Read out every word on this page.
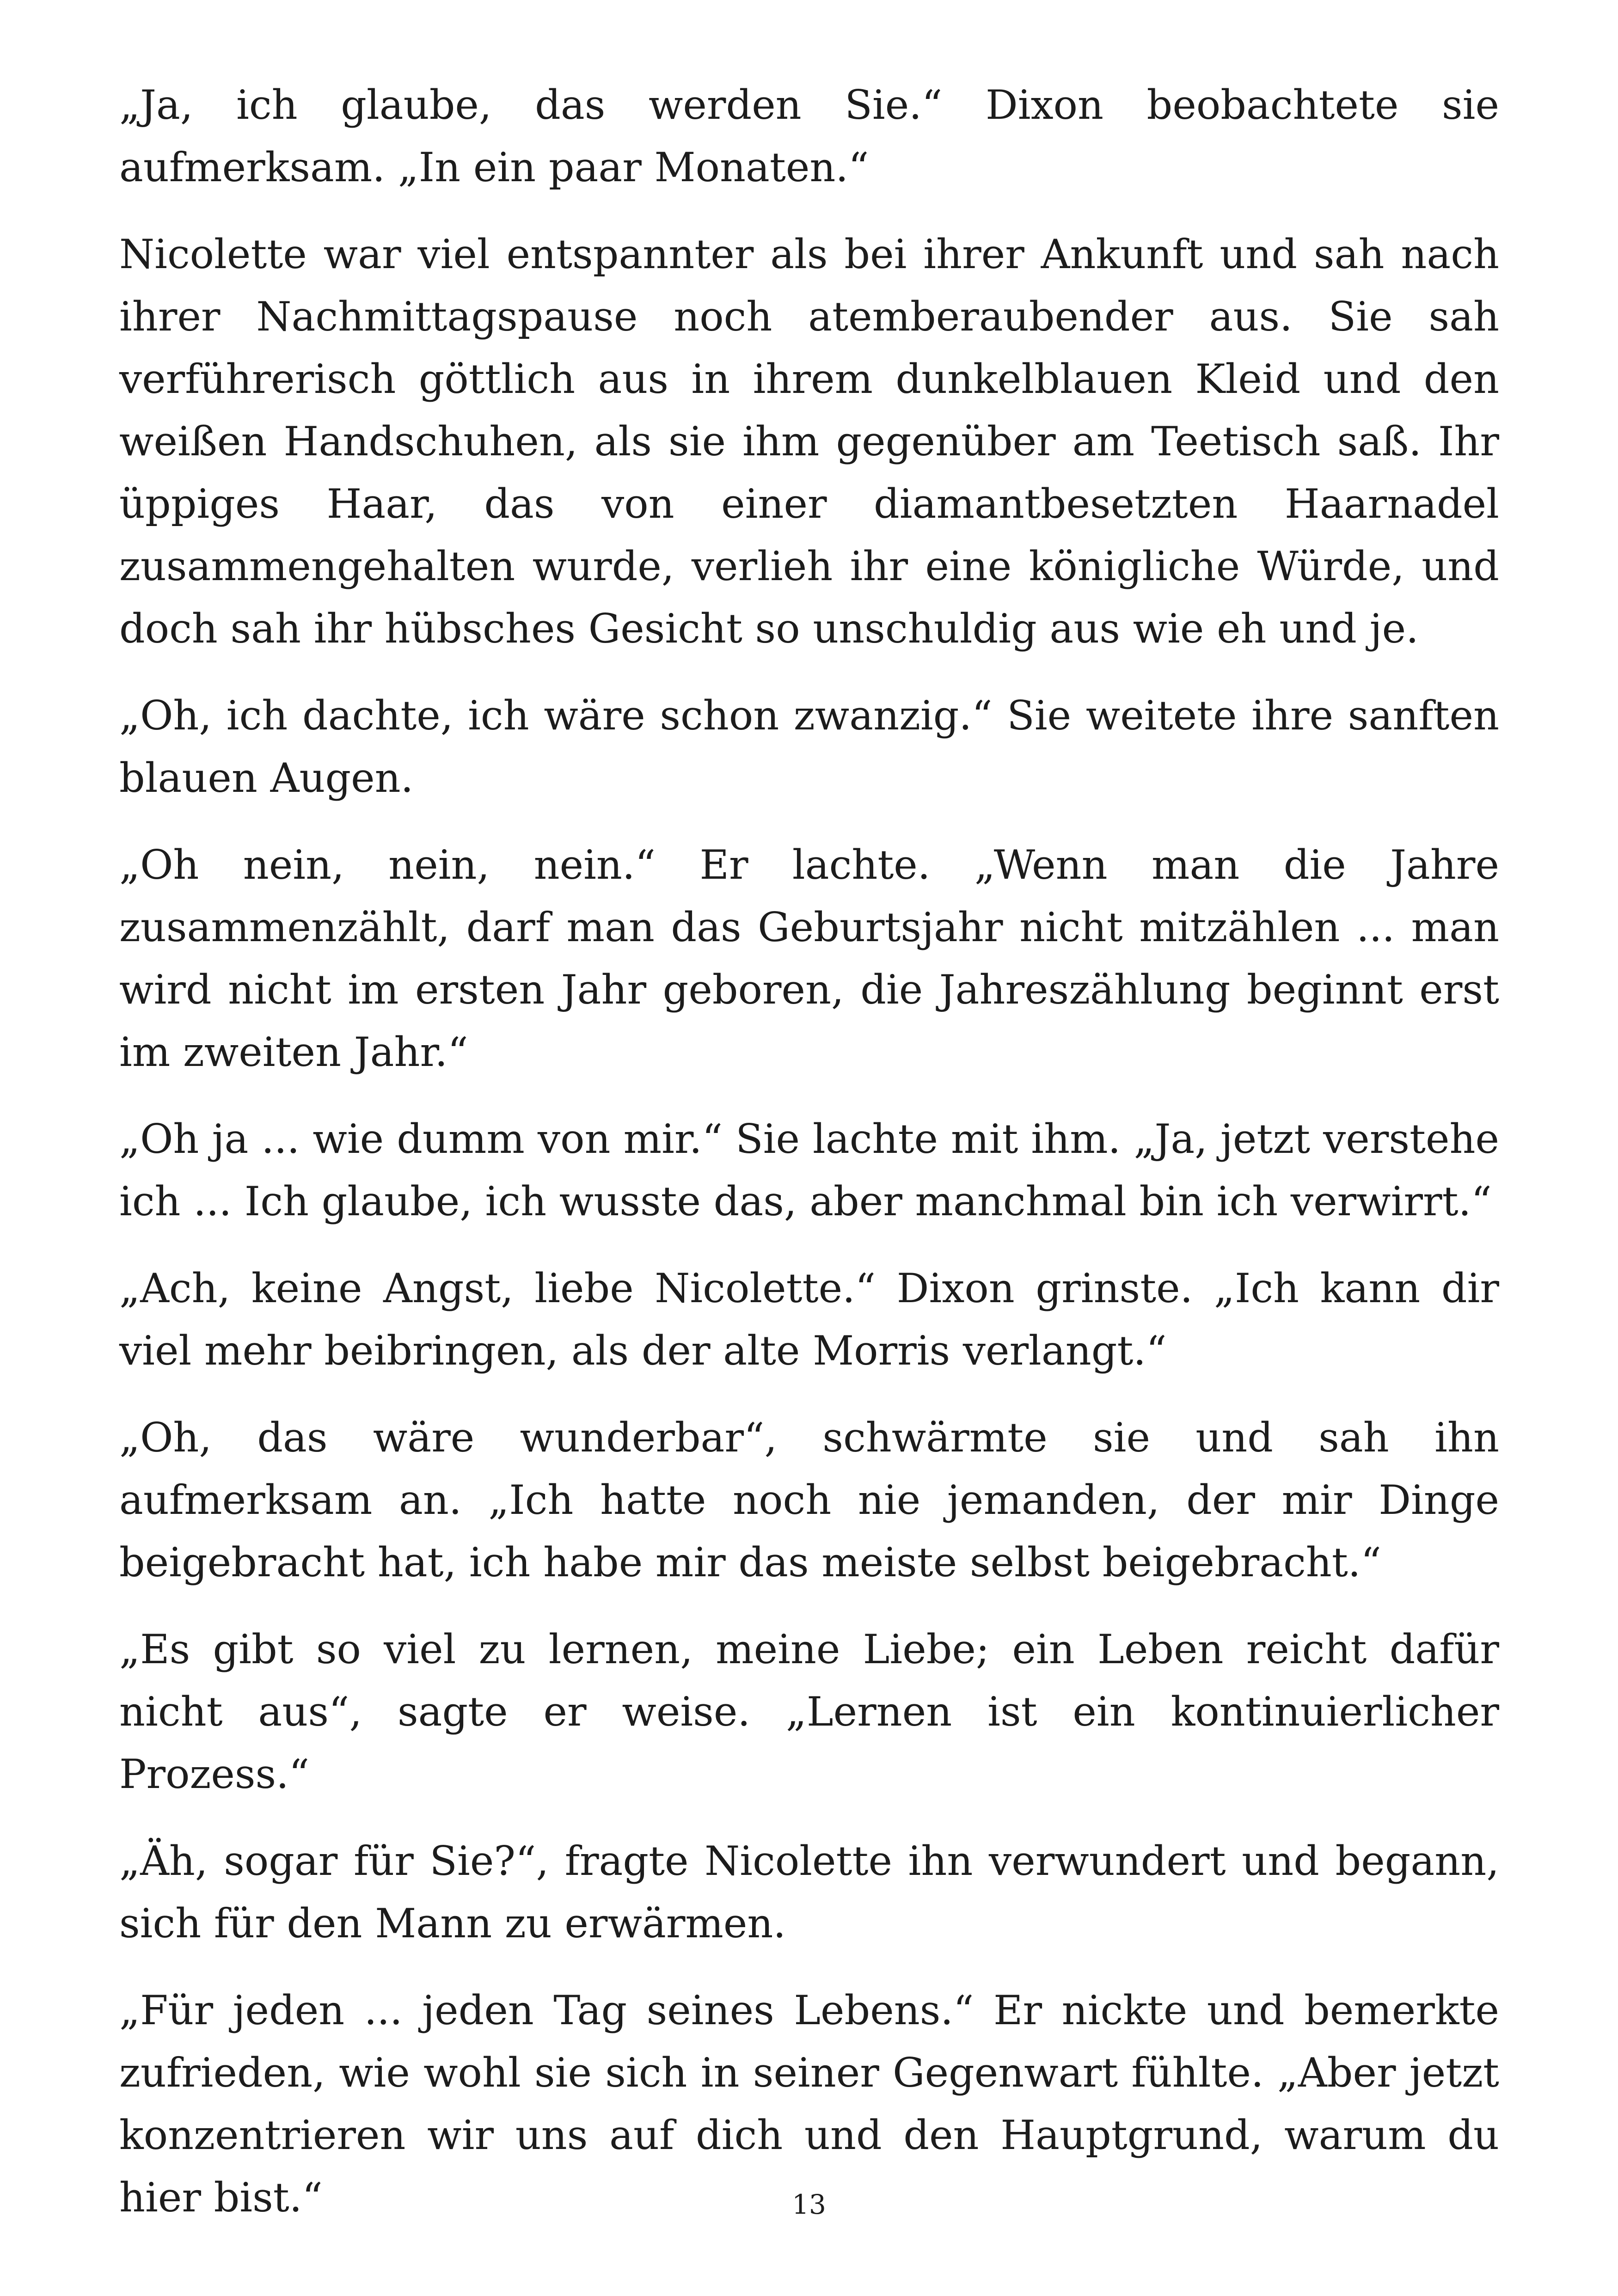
„Ja, ich glaube, das werden Sie.“ Dixon beobachtete sie aufmerksam. „In ein paar Monaten.“

Nicolette war viel entspannter als bei ihrer Ankunft und sah nach ihrer Nachmittagspause noch atemberaubender aus. Sie sah verführerisch göttlich aus in ihrem dunkelblauen Kleid und den weißen Handschuhen, als sie ihm gegenüber am Teetisch saß. Ihr üppiges Haar, das von einer diamantbesetzten Haarnadel zusammengehalten wurde, verlieh ihr eine königliche Würde, und doch sah ihr hübsches Gesicht so unschuldig aus wie eh und je.

„Oh, ich dachte, ich wäre schon zwanzig.“ Sie weitete ihre sanften blauen Augen.

„Oh nein, nein, nein.“ Er lachte. „Wenn man die Jahre zusammenzählt, darf man das Geburtsjahr nicht mitzählen ... man wird nicht im ersten Jahr geboren, die Jahreszählung beginnt erst im zweiten Jahr.“

„Oh ja ... wie dumm von mir.“ Sie lachte mit ihm. „Ja, jetzt verstehe ich ... Ich glaube, ich wusste das, aber manchmal bin ich verwirrt.“

„Ach, keine Angst, liebe Nicolette.“ Dixon grinste. „Ich kann dir viel mehr beibringen, als der alte Morris verlangt.“

„Oh, das wäre wunderbar“, schwärmte sie und sah ihn aufmerksam an. „Ich hatte noch nie jemanden, der mir Dinge beigebracht hat, ich habe mir das meiste selbst beigebracht.“

„Es gibt so viel zu lernen, meine Liebe; ein Leben reicht dafür nicht aus“, sagte er weise. „Lernen ist ein kontinuierlicher Prozess.“

„Äh, sogar für Sie?“, fragte Nicolette ihn verwundert und begann, sich für den Mann zu erwärmen.

„Für jeden ... jeden Tag seines Lebens.“ Er nickte und bemerkte zufrieden, wie wohl sie sich in seiner Gegenwart fühlte. „Aber jetzt konzentrieren wir uns auf dich und den Hauptgrund, warum du hier bist.“	13
